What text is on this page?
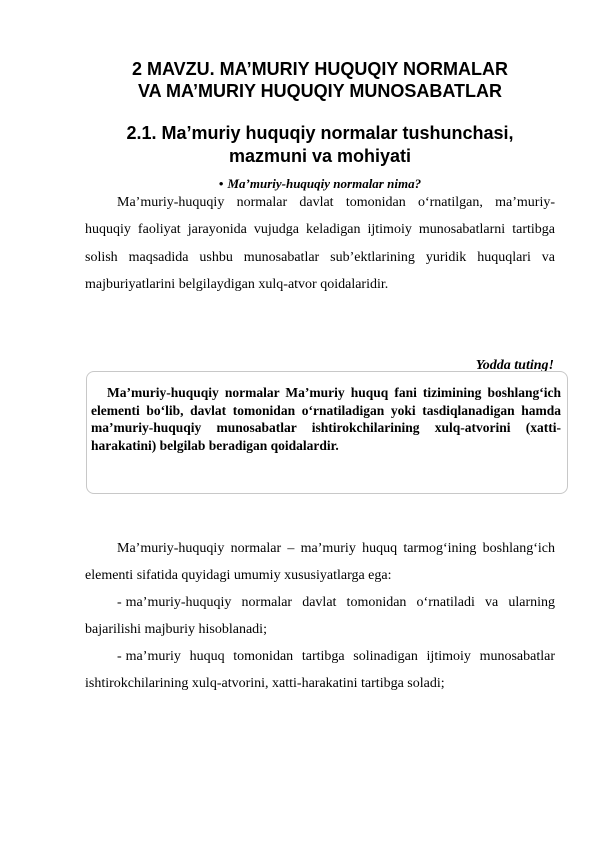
2 MAVZU. MA’MURIY HUQUQIY NORMALAR
VA MA’MURIY HUQUQIY MUNOSABATLAR
2.1. Ma’muriy huquqiy normalar tushunchasi,
mazmuni va mohiyati
• Ma’muriy-huquqiy normalar nima?

Ma’muriy-huquqiy normalar davlat tomonidan o‘rnatilgan, ma’muriy-huquqiy faoliyat jarayonida vujudga keladigan ijtimoiy munosabatlarni tartibga solish maqsadida ushbu munosabatlar sub’ektlarining yuridik huquqlari va majburiyatlarini belgilaydigan xulq-atvor qoidalaridir.

Yodda tuting!

Ma’muriy-huquqiy normalar Ma’muriy huquq fani tizimining boshlang‘ich elementi bo‘lib, davlat tomonidan o‘rnatiladigan yoki tasdiqlanadigan hamda ma’muriy-huquqiy munosabatlar ishtirokchilarining xulq-atvorini (xatti-harakatini) belgilab beradigan qoidalardir.

Ma’muriy-huquqiy normalar – ma’muriy huquq tarmog‘ining boshlang‘ich elementi sifatida quyidagi umumiy xususiyatlarga ega:

- ma’muriy-huquqiy normalar davlat tomonidan o‘rnatiladi va ularning bajarilishi majburiy hisoblanadi;

- ma’muriy huquq tomonidan tartibga solinadigan ijtimoiy munosabatlar ishtirokchilarining xulq-atvorini, xatti-harakatini tartibga soladi;
